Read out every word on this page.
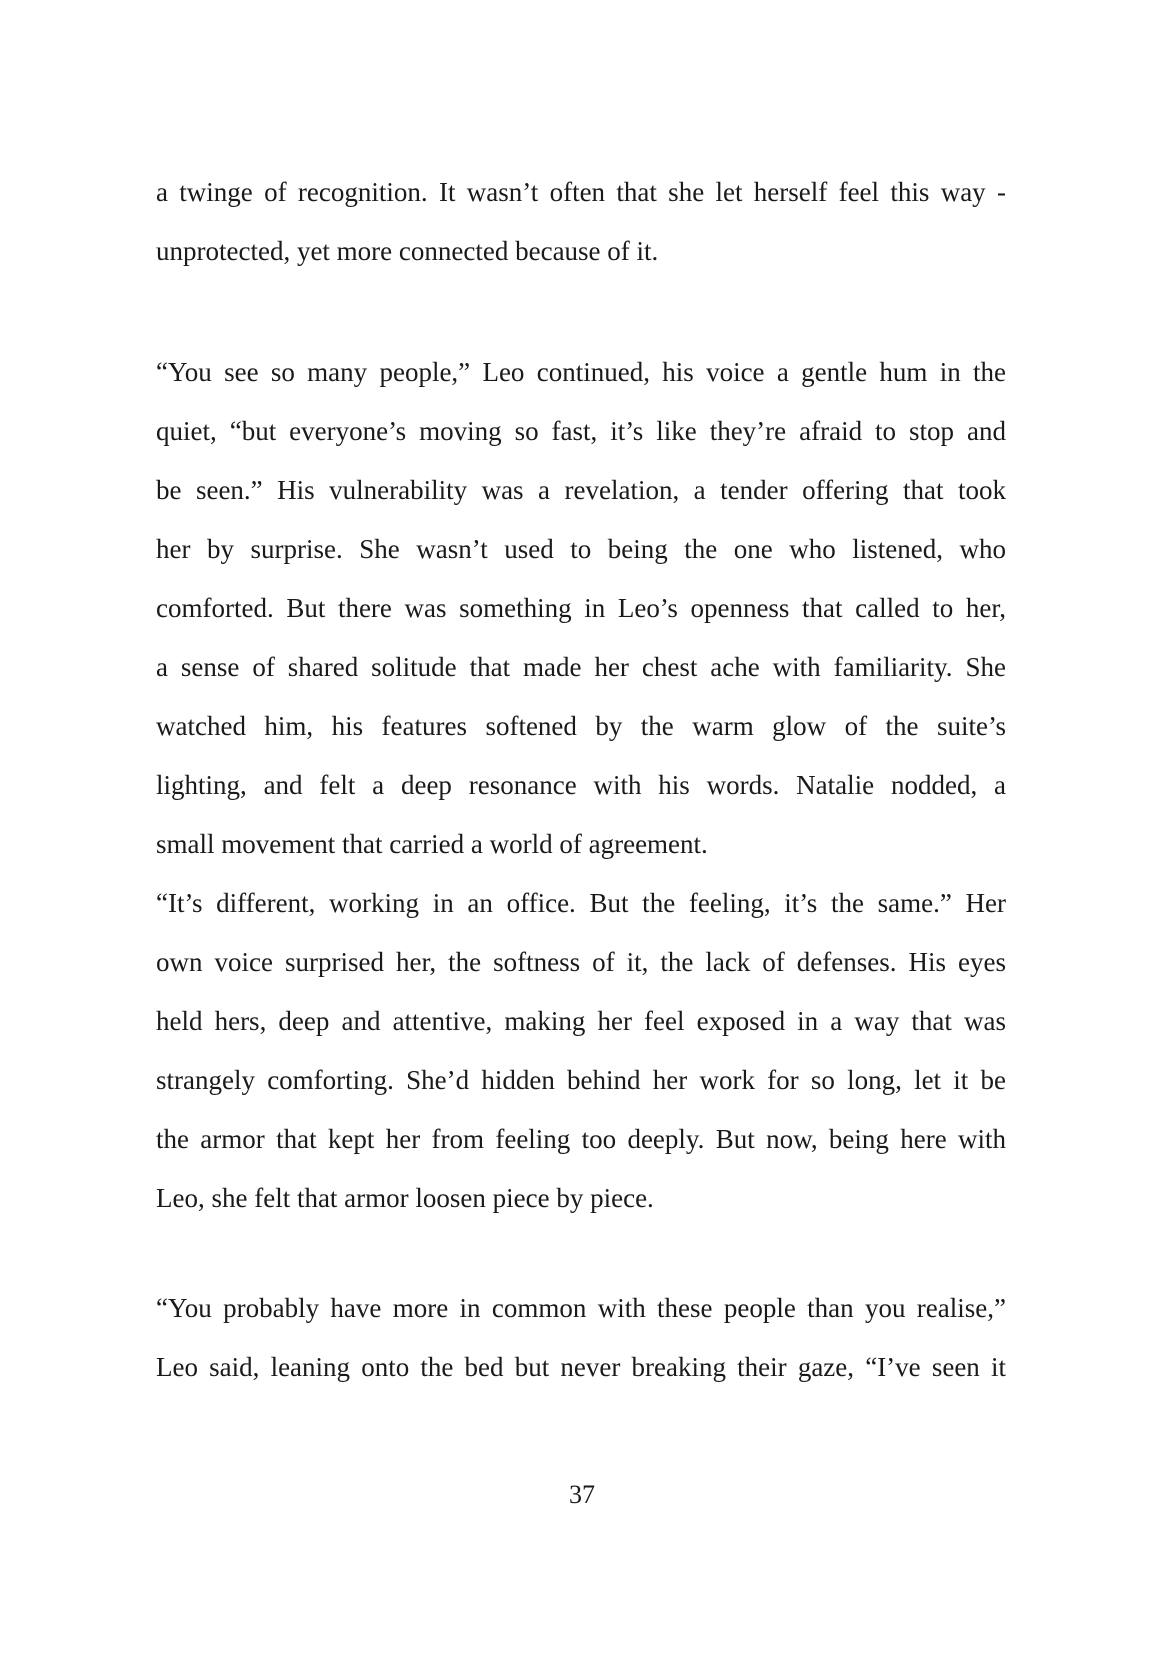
a twinge of recognition. It wasn’t often that she let herself feel this way -
unprotected, yet more connected because of it.
“You see so many people,” Leo continued, his voice a gentle hum in the
quiet, “but everyone’s moving so fast, it’s like they’re afraid to stop and
be seen.” His vulnerability was a revelation, a tender offering that took
her by surprise. She wasn’t used to being the one who listened, who
comforted. But there was something in Leo’s openness that called to her,
a sense of shared solitude that made her chest ache with familiarity. She
watched him, his features softened by the warm glow of the suite’s
lighting, and felt a deep resonance with his words. Natalie nodded, a
small movement that carried a world of agreement.
“It’s different, working in an office. But the feeling, it’s the same.” Her
own voice surprised her, the softness of it, the lack of defenses. His eyes
held hers, deep and attentive, making her feel exposed in a way that was
strangely comforting. She’d hidden behind her work for so long, let it be
the armor that kept her from feeling too deeply. But now, being here with
Leo, she felt that armor loosen piece by piece.
“You probably have more in common with these people than you realise,”
Leo said, leaning onto the bed but never breaking their gaze, “I’ve seen it

37
